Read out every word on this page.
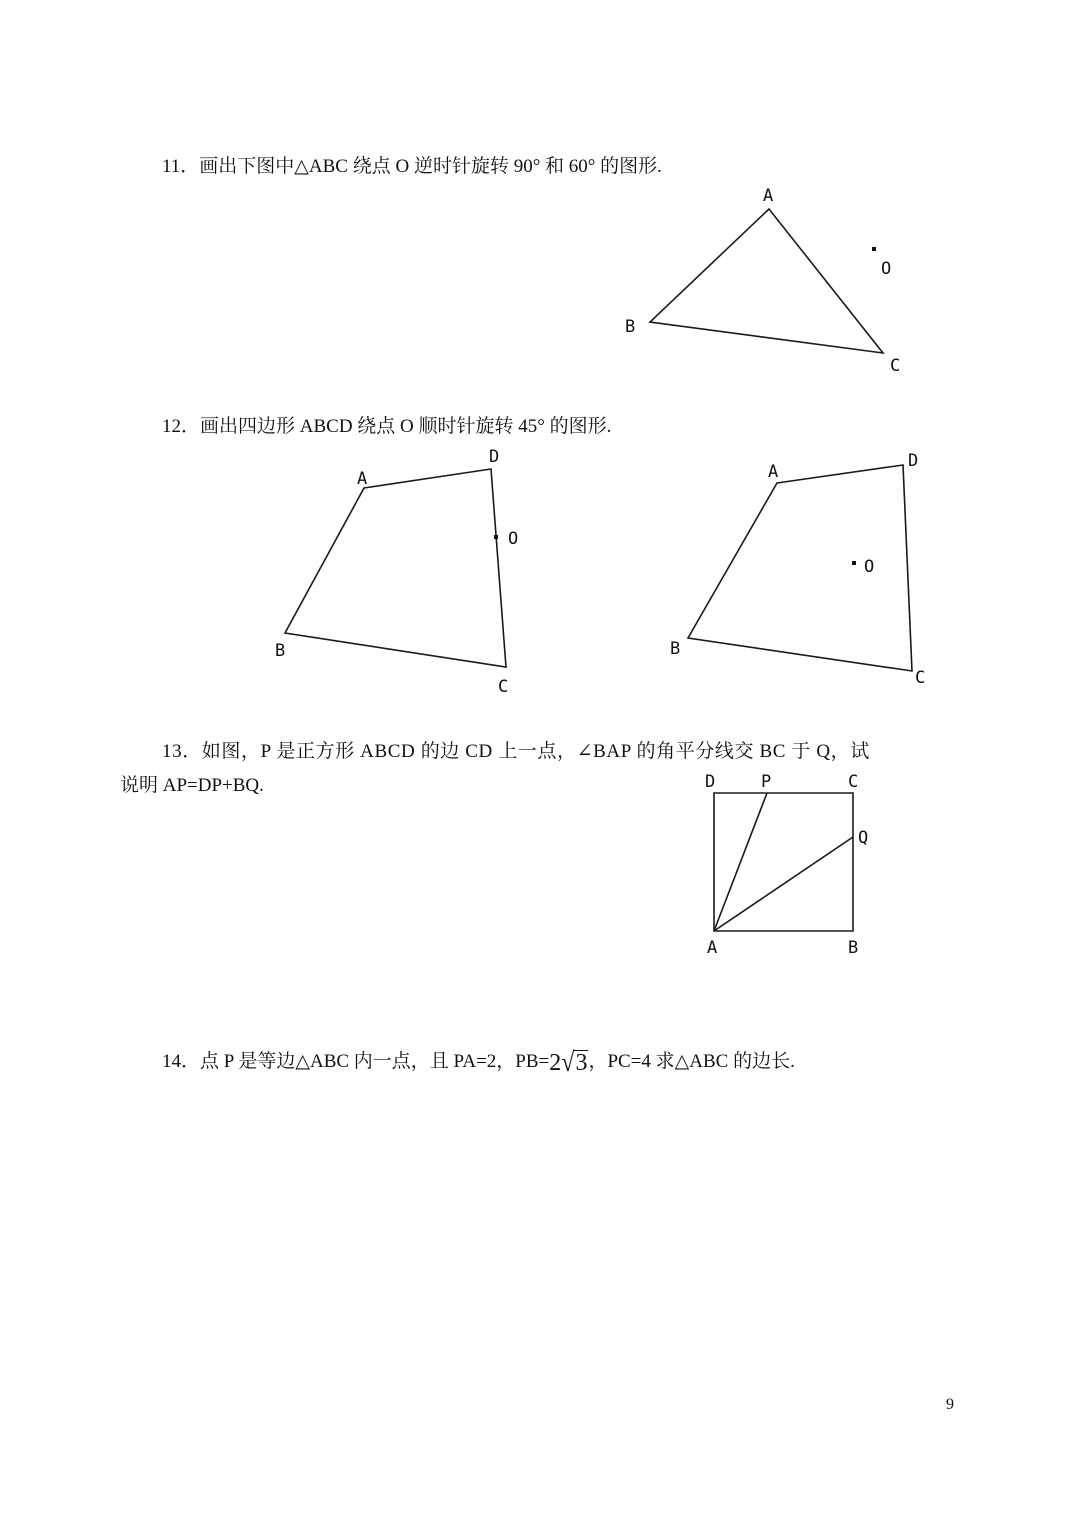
11．画出下图中△ABC 绕点 O 逆时针旋转 90° 和 60° 的图形.
A
B
C
O
12．画出四边形 ABCD 绕点 O 顺时针旋转 45° 的图形.
A
D
O
B
C
A
D
O
B
C
13．如图，P 是正方形 ABCD 的边 CD 上一点，∠BAP 的角平分线交 BC 于 Q，试
说明 AP=DP+BQ.	D	P	C
Q
A	B
14．点 P 是等边△ABC 内一点，且 PA=2，PB=2√3，PC=4 求△ABC 的边长.
9
